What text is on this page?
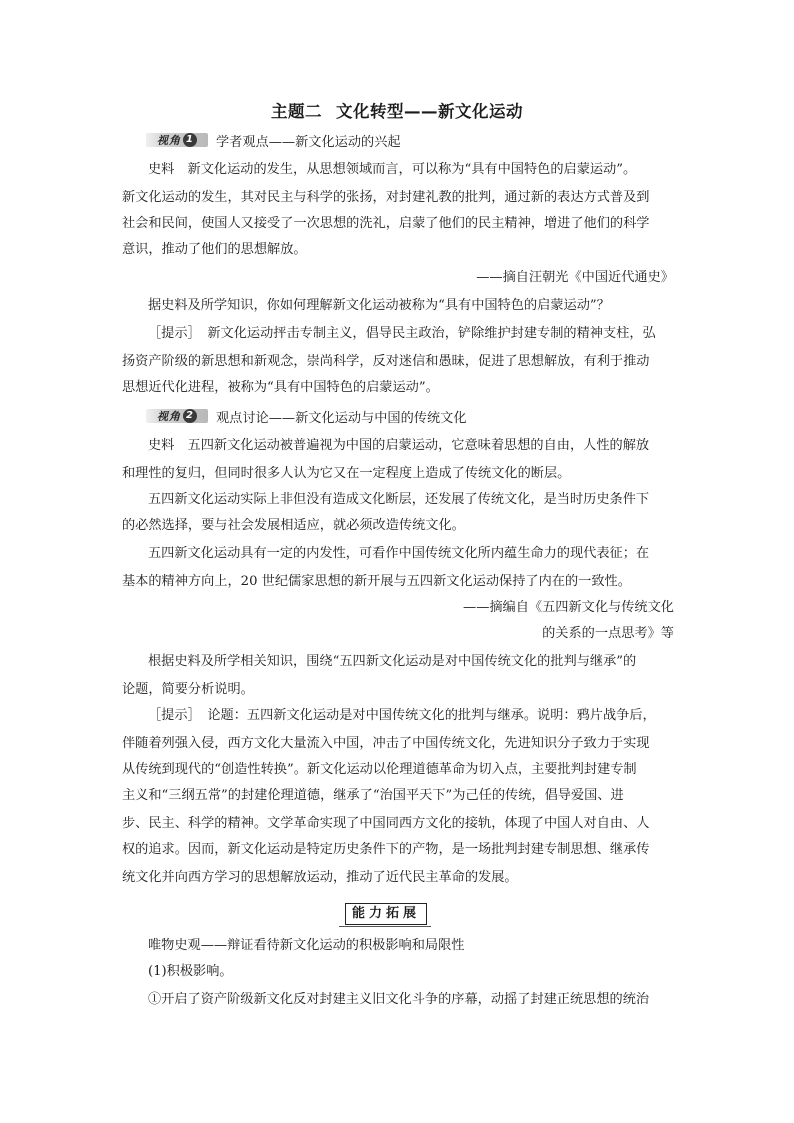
主题二 文化转型——新文化运动
视角 1 学者观点——新文化运动的兴起
史料　新文化运动的发生，从思想领域而言，可以称为“具有中国特色的启蒙运动”。
新文化运动的发生，其对民主与科学的张扬，对封建礼教的批判，通过新的表达方式普及到
社会和民间，使国人又接受了一次思想的洗礼，启蒙了他们的民主精神，增进了他们的科学
意识，推动了他们的思想解放。
——摘自汪朝光《中国近代通史》
据史料及所学知识，你如何理解新文化运动被称为“具有中国特色的启蒙运动”？
［提示］　新文化运动抨击专制主义，倡导民主政治，铲除维护封建专制的精神支柱，弘
扬资产阶级的新思想和新观念，崇尚科学，反对迷信和愚昧，促进了思想解放，有利于推动
思想近代化进程，被称为“具有中国特色的启蒙运动”。
视角 2 观点讨论——新文化运动与中国的传统文化
史料　五四新文化运动被普遍视为中国的启蒙运动，它意味着思想的自由，人性的解放
和理性的复归，但同时很多人认为它又在一定程度上造成了传统文化的断层。
五四新文化运动实际上非但没有造成文化断层，还发展了传统文化，是当时历史条件下
的必然选择，要与社会发展相适应，就必须改造传统文化。
五四新文化运动具有一定的内发性，可看作中国传统文化所内蕴生命力的现代表征；在
基本的精神方向上，20 世纪儒家思想的新开展与五四新文化运动保持了内在的一致性。
——摘编自《五四新文化与传统文化
的关系的一点思考》等
根据史料及所学相关知识，围绕“五四新文化运动是对中国传统文化的批判与继承”的
论题，简要分析说明。
［提示］　论题：五四新文化运动是对中国传统文化的批判与继承。说明：鸦片战争后，
伴随着列强入侵，西方文化大量流入中国，冲击了中国传统文化，先进知识分子致力于实现
从传统到现代的“创造性转换”。新文化运动以伦理道德革命为切入点，主要批判封建专制
主义和“三纲五常”的封建伦理道德，继承了“治国平天下”为己任的传统，倡导爱国、进
步、民主、科学的精神。文学革命实现了中国同西方文化的接轨，体现了中国人对自由、人
权的追求。因而，新文化运动是特定历史条件下的产物，是一场批判封建专制思想、继承传
统文化并向西方学习的思想解放运动，推动了近代民主革命的发展。
能力拓展
唯物史观——辩证看待新文化运动的积极影响和局限性
(1)积极影响。
①开启了资产阶级新文化反对封建主义旧文化斗争的序幕，动摇了封建正统思想的统治
